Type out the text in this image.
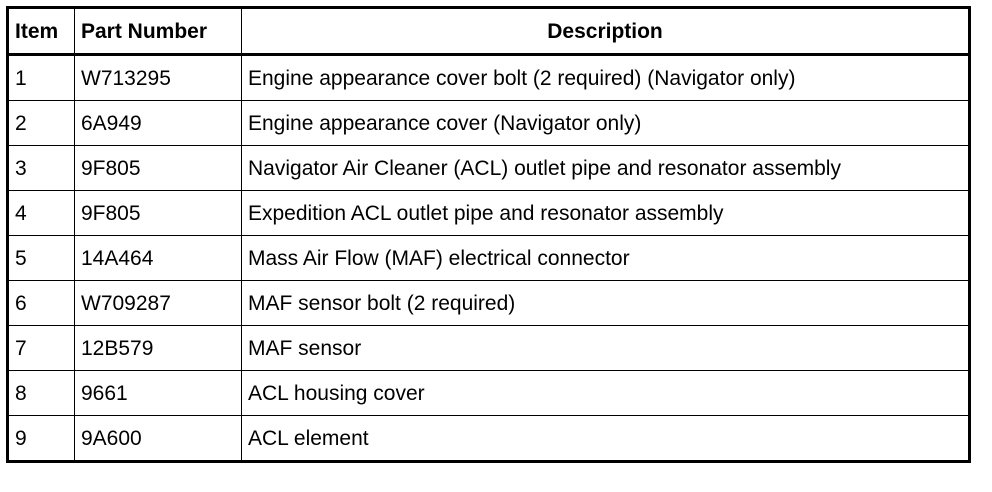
Item	Part Number	Description
1	W713295	Engine appearance cover bolt (2 required) (Navigator only)
2	6A949	Engine appearance cover (Navigator only)
3	9F805	Navigator Air Cleaner (ACL) outlet pipe and resonator assembly
4	9F805	Expedition ACL outlet pipe and resonator assembly
5	14A464	Mass Air Flow (MAF) electrical connector
6	W709287	MAF sensor bolt (2 required)
7	12B579	MAF sensor
8	9661	ACL housing cover
9	9A600	ACL element
